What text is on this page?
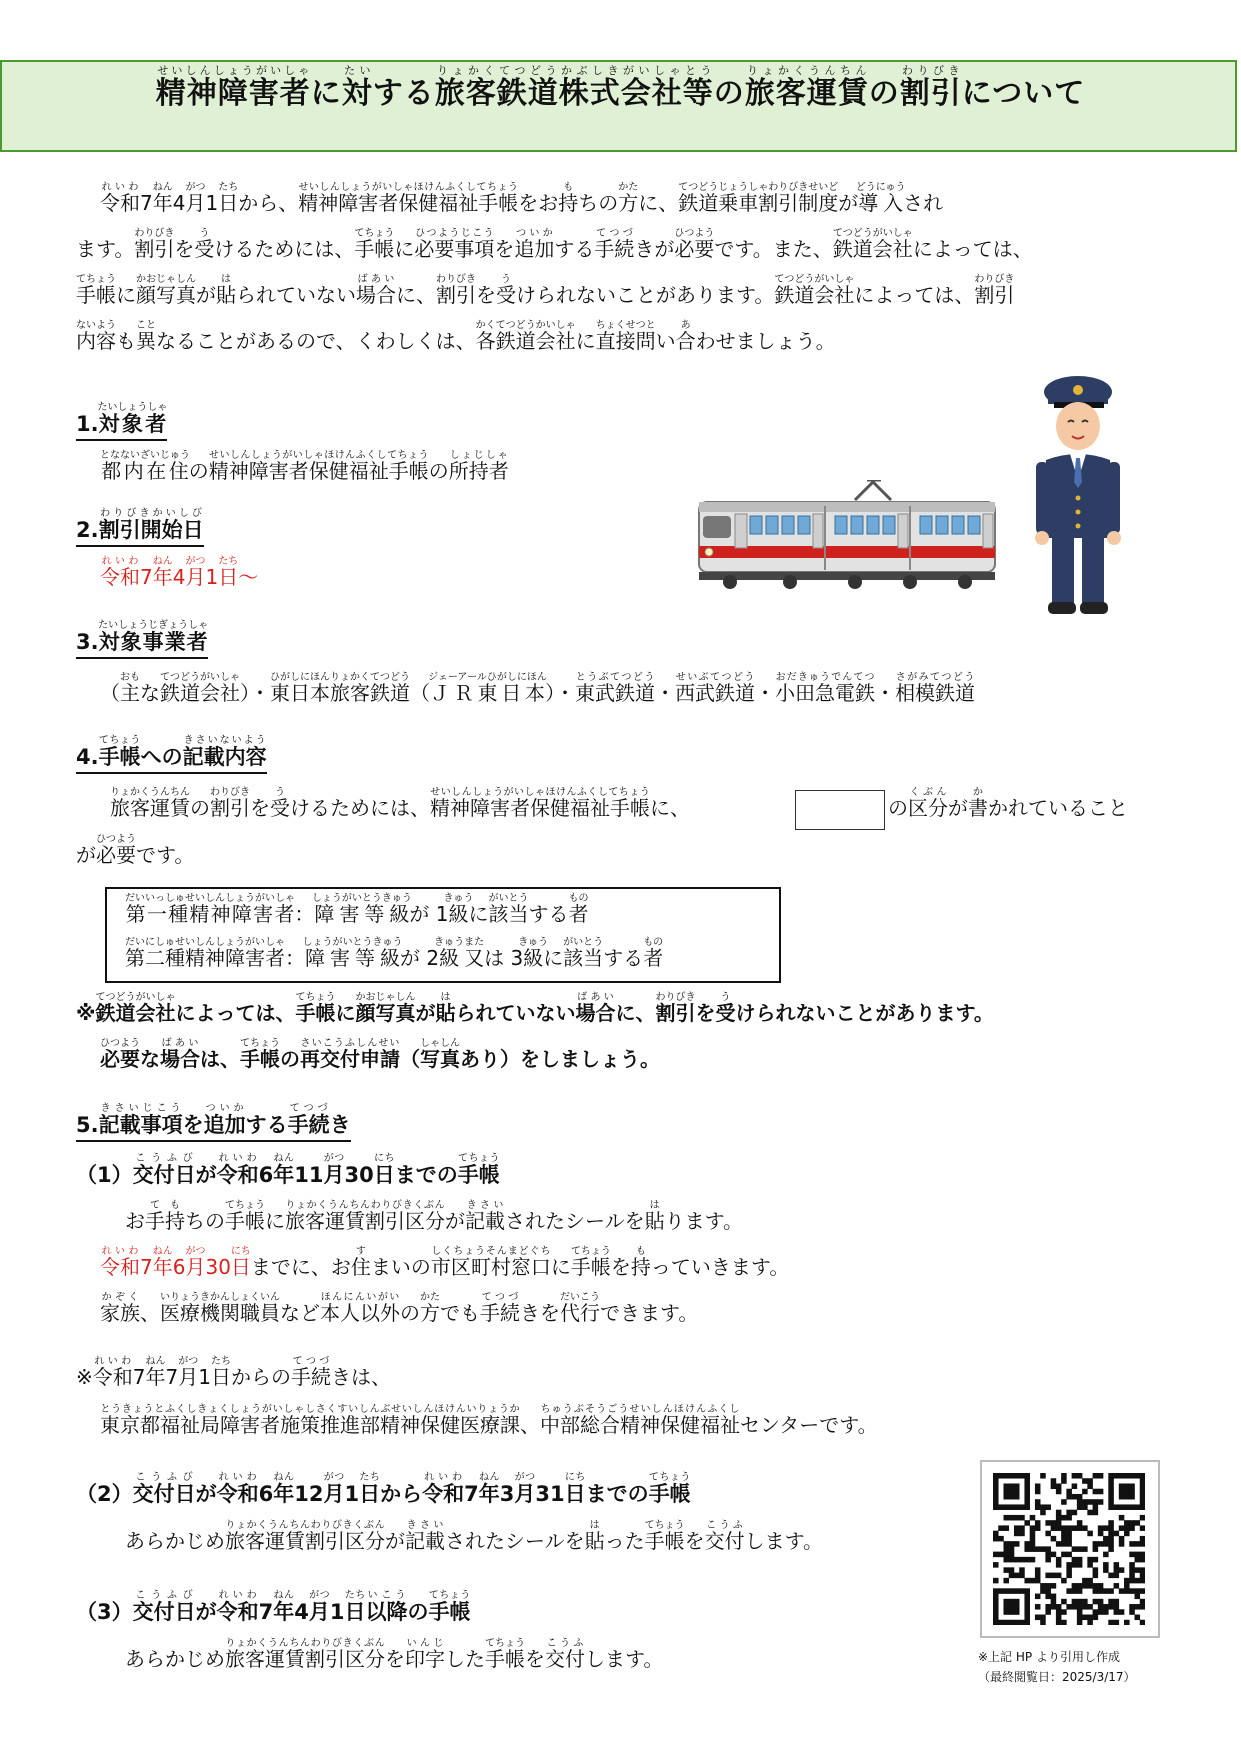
精神障害者せいしんしょうがいしゃに対たいする旅客鉄道株式会社等りょかくてつどうかぶしきがいしゃとうの旅客運賃りょかくうんちんの割引わりびきについて
令和れいわ7年ねん4月がつ1日たちから、精神障害者保健福祉手帳せいしんしょうがいしゃほけんふくしてちょうをお持もちの方かたに、鉄道乗車割引制度てつどうじょうしゃわりびきせいどが導入どうにゅうされ
ます。割引わりびきを受うけるためには、手帳てちょうに必要事項ひつようじこうを追加ついかする手続てつづきが必要ひつようです。また、鉄道会社てつどうがいしゃによっては、
手帳てちょうに顔写真かおじゃしんが貼はられていない場合ばあいに、割引わりびきを受うけられないことがあります。鉄道会社てつどうがいしゃによっては、割引わりびき
内容ないようも異ことなることがあるので、くわしくは、各鉄道会社かくてつどうかいしゃに直接問ちょくせつとい合あわせましょう。
1.対象者たいしょうしゃ
都内在住となないざいじゅうの精神障害者保健福祉手帳せいしんしょうがいしゃほけんふくしてちょうの所持者しょじしゃ
2.割引開始日わりびきかいしび
令和れいわ7年ねん4月がつ1日たち～
3.対象事業者たいしょうじぎょうしゃ
（主おもな鉄道会社てつどうがいしゃ）・東日本旅客鉄道ひがしにほんりょかくてつどう（ＪＲ東日本ジェーアールひがしにほん）・東武鉄道とうぶてつどう・西武鉄道せいぶてつどう・小田急電鉄おだきゅうでんてつ・相模鉄道さがみてつどう
4.手帳てちょうへの記載内容きさいないよう
旅客運賃りょかくうんちんの割引わりびきを受うけるためには、精神障害者保健福祉手帳せいしんしょうがいしゃほけんふくしてちょうに、	の区分くぶんが書かかれていること
が必要ひつようです。
第一種精神障害者だいいっしゅせいしんしょうがいしゃ：障害等級しょうがいとうきゅうが 1級きゅうに該当がいとうする者もの
第二種精神障害者だいにしゅせいしんしょうがいしゃ：障害等級しょうがいとうきゅうが 2級きゅう又または 3級きゅうに該当がいとうする者もの
※鉄道会社てつどうがいしゃによっては、手帳てちょうに顔写真かおじゃしんが貼はられていない場合ばあいに、割引わりびきを受うけられないことがあります。
必要ひつような場合ばあいは、手帳てちょうの再交付申請さいこうふしんせい（写真しゃしんあり）をしましょう。
5.記載事項きさいじこうを追加ついかする手続てつづき
（1）交付日こうふびが令和れいわ6年ねん11月がつ30日にちまでの手帳てちょう
お手持てもちの手帳てちょうに旅客運賃割引区分りょかくうんちんわりびきくぶんが記載きさいされたシールを貼はります。
令和れいわ7年ねん6月がつ30日にちまでに、お住すまいの市区町村窓口しくちょうそんまどぐちに手帳てちょうを持もっていきます。
家族かぞく、医療機関職員いりょうきかんしょくいんなど本人以外ほんにんいがいの方かたでも手続てつづきを代行だいこうできます。
※令和れいわ7年ねん7月がつ1日たちからの手続てつづきは、
東京都福祉局障害者施策推進部精神保健医療課とうきょうとふくしきょくしょうがいしゃしさくすいしんぶせいしんほけんいりょうか、中部総合精神保健福祉ちゅうぶそうごうせいしんほけんふくしセンターです。
（2）交付日こうふびが令和れいわ6年ねん12月がつ1日たちから令和れいわ7年ねん3月がつ31日にちまでの手帳てちょう
あらかじめ旅客運賃割引区分りょかくうんちんわりびきくぶんが記載きさいされたシールを貼はった手帳てちょうを交付こうふします。
（3）交付日こうふびが令和れいわ7年ねん4月がつ1日たち以降いこうの手帳てちょう
あらかじめ旅客運賃割引区分りょかくうんちんわりびきくぶんを印字いんじした手帳てちょうを交付こうふします。	※上記 HP より引用し作成
（最終閲覧日：2025/3/17）
